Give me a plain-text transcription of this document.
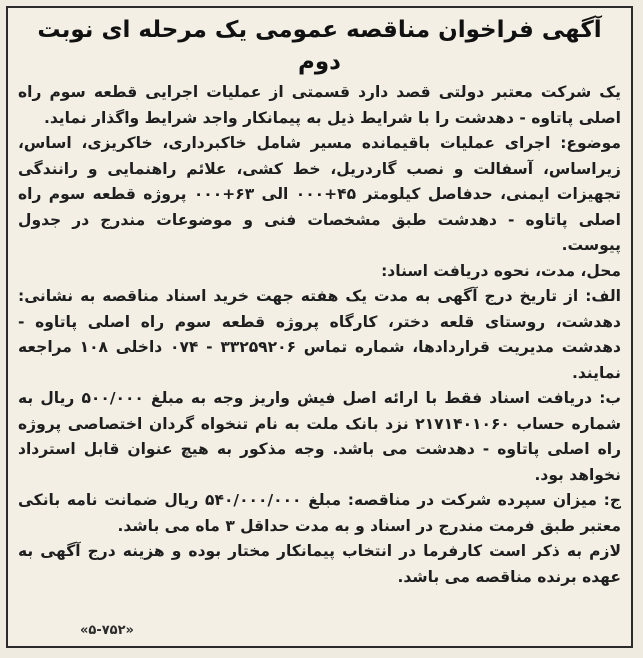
آگهی فراخوان مناقصه عمومی یک مرحله ای نوبت دوم

یک شرکت معتبر دولتی قصد دارد قسمتی از عملیات اجرایی قطعه سوم راه اصلی پاتاوه - دهدشت را با شرایط ذیل به پیمانکار واجد شرایط واگذار نماید.

موضوع: اجرای عملیات باقیمانده مسیر شامل خاکبرداری، خاکریزی، اساس، زیراساس، آسفالت و نصب گاردریل، خط کشی، علائم راهنمایی و رانندگی تجهیزات ایمنی، حدفاصل کیلومتر ۴۵+۰۰۰ الی ۶۳+۰۰۰ پروژه قطعه سوم راه اصلی پاتاوه - دهدشت طبق مشخصات فنی و موضوعات مندرج در جدول پیوست.

محل، مدت، نحوه دریافت اسناد:

الف: از تاریخ درج آگهی به مدت یک هفته جهت خرید اسناد مناقصه به نشانی: دهدشت، روستای قلعه دختر، کارگاه پروژه قطعه سوم راه اصلی پاتاوه - دهدشت مدیریت قراردادها، شماره تماس ۳۳۲۵۹۲۰۶ - ۰۷۴ داخلی ۱۰۸ مراجعه نمایند.

ب: دریافت اسناد فقط با ارائه اصل فیش واریز وجه به مبلغ ۵۰۰/۰۰۰ ریال به شماره حساب ۲۱۷۱۴۰۱۰۶۰ نزد بانک ملت به نام تنخواه گردان اختصاصی پروژه راه اصلی پاتاوه - دهدشت می باشد. وجه مذکور به هیچ عنوان قابل استرداد نخواهد بود.

ج: میزان سپرده شرکت در مناقصه: مبلغ ۵۴۰/۰۰۰/۰۰۰ ریال ضمانت نامه بانکی معتبر طبق فرمت مندرج در اسناد و به مدت حداقل ۳ ماه می باشد.

لازم به ذکر است کارفرما در انتخاب پیمانکار مختار بوده و هزینه درج آگهی به عهده برنده مناقصه می باشد.

«۵-۷۵۲»
